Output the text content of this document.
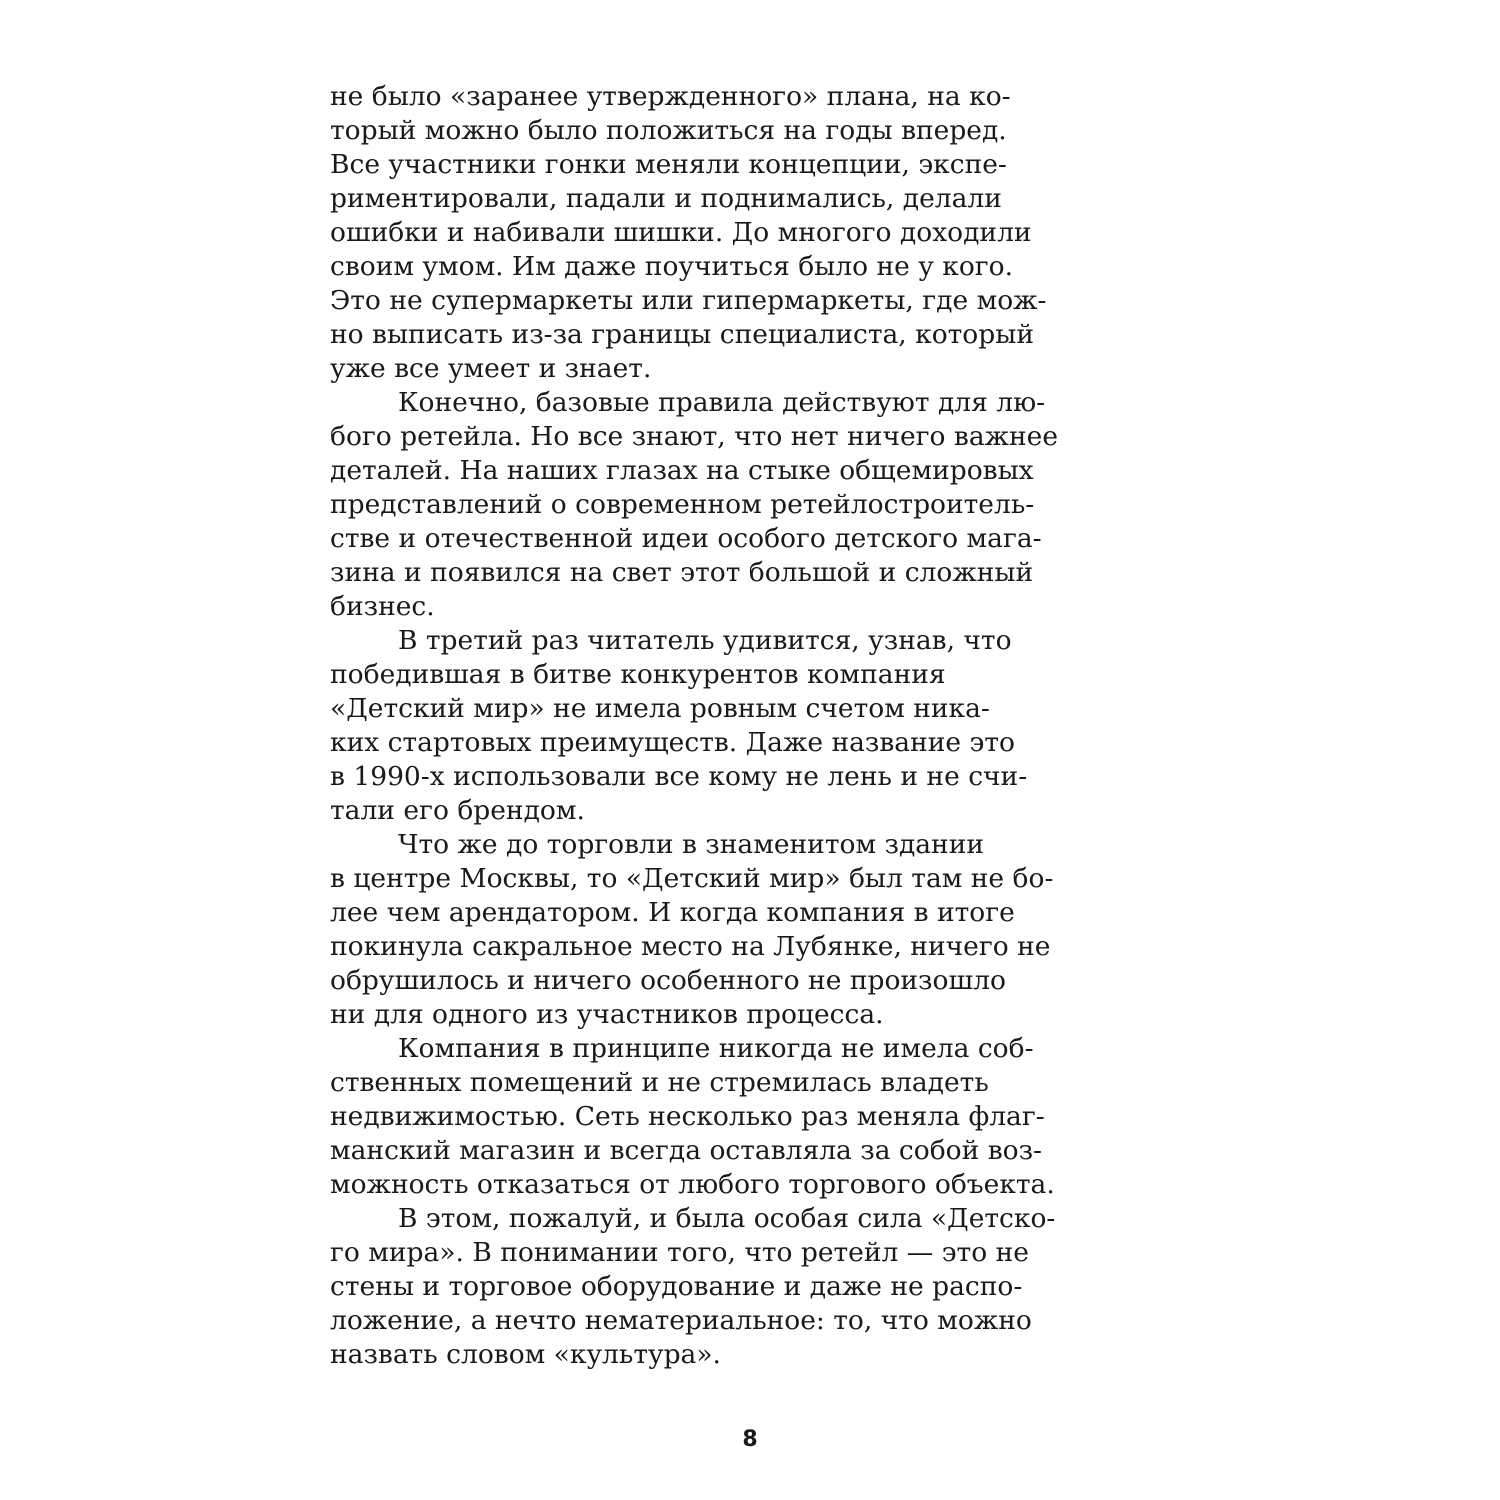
не было «заранее утвержденного» плана, на ко-

торый можно было положиться на годы вперед.

Все участники гонки меняли концепции, экспе-

риментировали, падали и поднимались, делали

ошибки и набивали шишки. До многого доходили

своим умом. Им даже поучиться было не у кого.

Это не супермаркеты или гипермаркеты, где мож-

но выписать из-за границы специалиста, который

уже все умеет и знает.

Конечно, базовые правила действуют для лю-

бого ретейла. Но все знают, что нет ничего важнее

деталей. На наших глазах на стыке общемировых

представлений о современном ретейлостроитель-

стве и отечественной идеи особого детского мага-

зина и появился на свет этот большой и сложный

бизнес.

В третий раз читатель удивится, узнав, что

победившая в битве конкурентов компания

«Детский мир» не имела ровным счетом ника-

ких стартовых преимуществ. Даже название это

в 1990-х использовали все кому не лень и не счи-

тали его брендом.

Что же до торговли в знаменитом здании

в центре Москвы, то «Детский мир» был там не бо-

лее чем арендатором. И когда компания в итоге

покинула сакральное место на Лубянке, ничего не

обрушилось и ничего особенного не произошло

ни для одного из участников процесса.

Компания в принципе никогда не имела соб-

ственных помещений и не стремилась владеть

недвижимостью. Сеть несколько раз меняла флаг-

манский магазин и всегда оставляла за собой воз-

можность отказаться от любого торгового объекта.

В этом, пожалуй, и была особая сила «Детско-

го мира». В понимании того, что ретейл — это не

стены и торговое оборудование и даже не распо-

ложение, а нечто нематериальное: то, что можно

назвать словом «культура».

8
